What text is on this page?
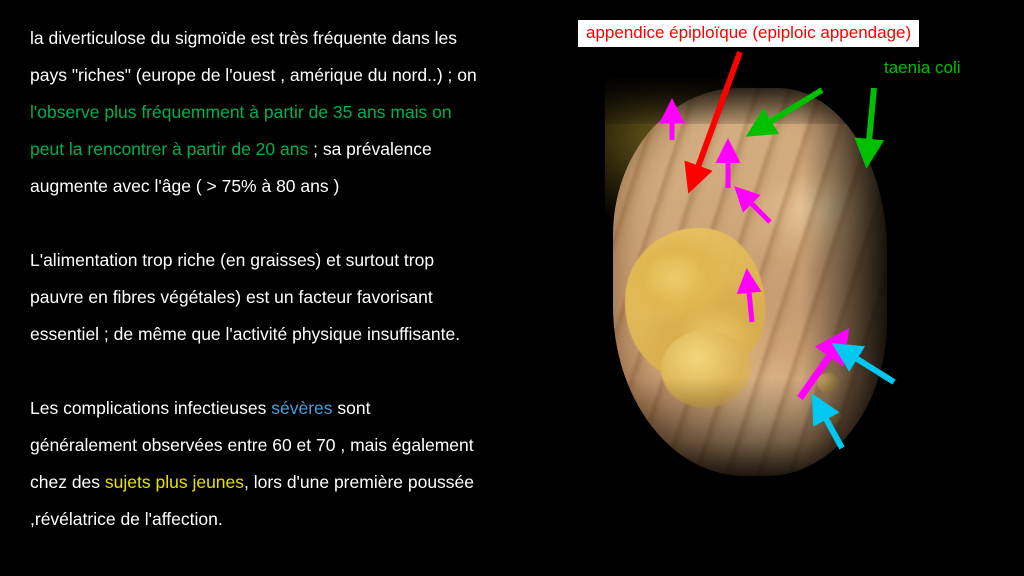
la diverticulose du sigmoïde est très fréquente dans les
pays "riches" (europe de l'ouest , amérique du nord..) ; on
l'observe plus fréquemment à partir de 35 ans mais on
peut la rencontrer à partir de 20 ans ; sa prévalence
augmente avec l'âge ( > 75% à 80 ans )

L'alimentation trop riche (en graisses) et surtout trop
pauvre en fibres végétales) est un facteur favorisant
essentiel ; de même que l'activité physique insuffisante.

Les complications infectieuses sévères sont
généralement observées entre 60 et 70 , mais également
chez des sujets plus jeunes, lors d'une première poussée
,révélatrice de l'affection.

appendice épiploïque (epiploic appendage)
taenia coli
